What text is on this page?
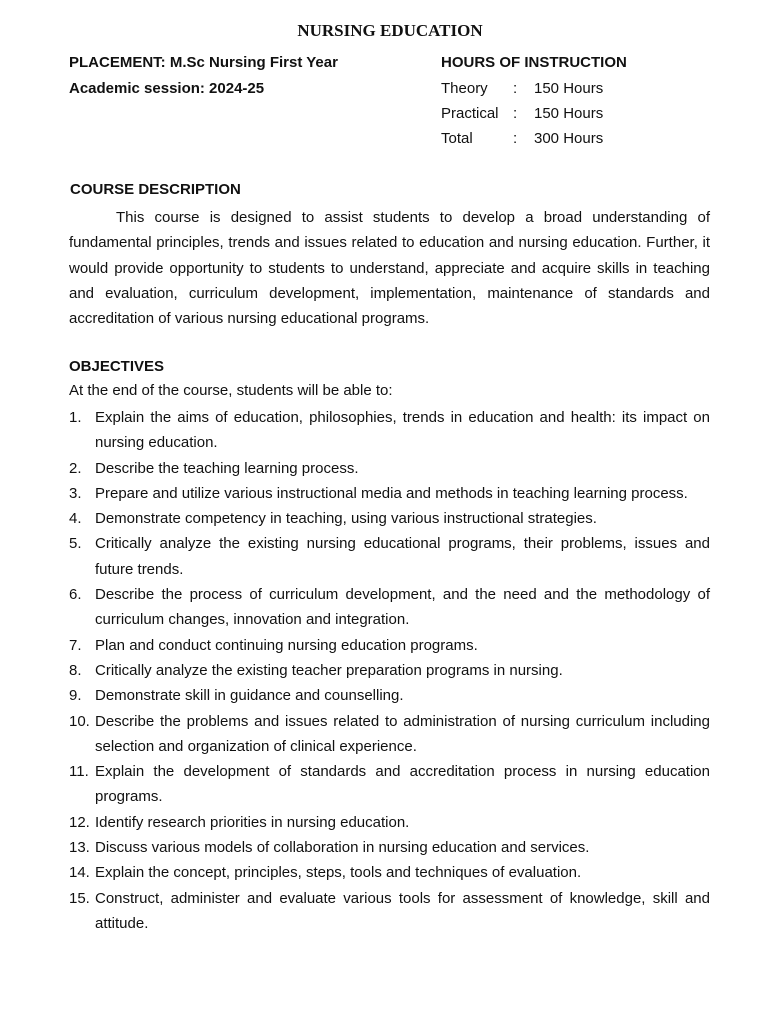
NURSING EDUCATION
PLACEMENT: M.Sc Nursing First Year
Academic session: 2024-25
HOURS OF INSTRUCTION
Theory : 150 Hours
Practical : 150 Hours
Total	: 300 Hours
COURSE DESCRIPTION
This course is designed to assist students to develop a broad understanding of fundamental principles, trends and issues related to education and nursing education. Further, it would provide opportunity to students to understand, appreciate and acquire skills in teaching and evaluation, curriculum development, implementation, maintenance of standards and accreditation of various nursing educational programs.
OBJECTIVES
At the end of the course, students will be able to:
1. Explain the aims of education, philosophies, trends in education and health: its impact on nursing education.
2. Describe the teaching learning process.
3. Prepare and utilize various instructional media and methods in teaching learning process.
4. Demonstrate competency in teaching, using various instructional strategies.
5. Critically analyze the existing nursing educational programs, their problems, issues and future trends.
6. Describe the process of curriculum development, and the need and the methodology of curriculum changes, innovation and integration.
7. Plan and conduct continuing nursing education programs.
8. Critically analyze the existing teacher preparation programs in nursing.
9. Demonstrate skill in guidance and counselling.
10. Describe the problems and issues related to administration of nursing curriculum including selection and organization of clinical experience.
11. Explain the development of standards and accreditation process in nursing education programs.
12. Identify research priorities in nursing education.
13. Discuss various models of collaboration in nursing education and services.
14. Explain the concept, principles, steps, tools and techniques of evaluation.
15. Construct, administer and evaluate various tools for assessment of knowledge, skill and attitude.
